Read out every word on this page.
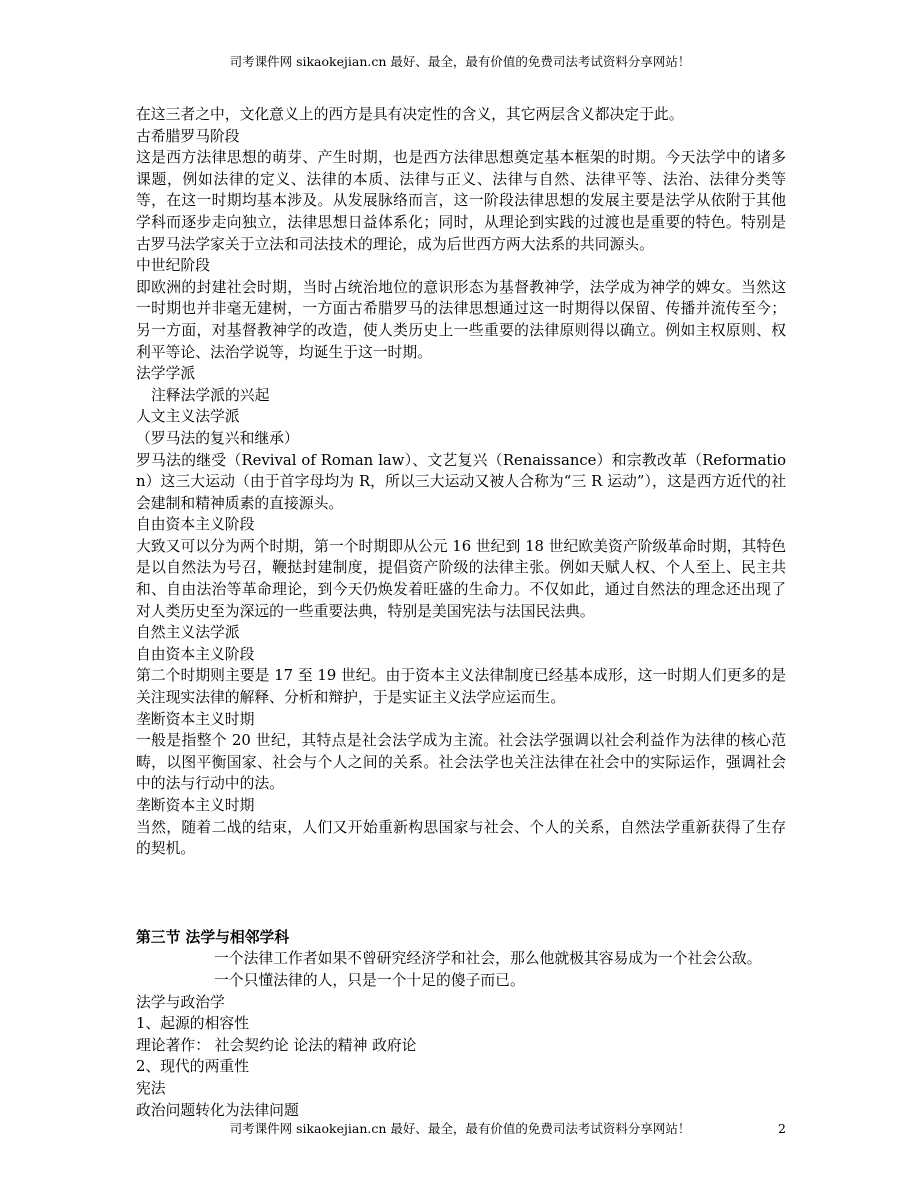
司考课件网 sikaokejian.cn 最好、最全，最有价值的免费司法考试资料分享网站！

在这三者之中，文化意义上的西方是具有决定性的含义，其它两层含义都决定于此。

古希腊罗马阶段

这是西方法律思想的萌芽、产生时期，也是西方法律思想奠定基本框架的时期。今天法学中的诸多课题，例如法律的定义、法律的本质、法律与正义、法律与自然、法律平等、法治、法律分类等等，在这一时期均基本涉及。从发展脉络而言，这一阶段法律思想的发展主要是法学从依附于其他学科而逐步走向独立，法律思想日益体系化；同时，从理论到实践的过渡也是重要的特色。特别是古罗马法学家关于立法和司法技术的理论，成为后世西方两大法系的共同源头。

中世纪阶段

即欧洲的封建社会时期，当时占统治地位的意识形态为基督教神学，法学成为神学的婢女。当然这一时期也并非毫无建树，一方面古希腊罗马的法律思想通过这一时期得以保留、传播并流传至今；另一方面，对基督教神学的改造，使人类历史上一些重要的法律原则得以确立。例如主权原则、权利平等论、法治学说等，均诞生于这一时期。

法学学派

注释法学派的兴起

人文主义法学派

（罗马法的复兴和继承）

罗马法的继受（Revival of Roman law）、文艺复兴（Renaissance）和宗教改革（Reformation）这三大运动（由于首字母均为 R，所以三大运动又被人合称为“三 R 运动”），这是西方近代的社会建制和精神质素的直接源头。

自由资本主义阶段

大致又可以分为两个时期，第一个时期即从公元 16 世纪到 18 世纪欧美资产阶级革命时期，其特色是以自然法为号召，鞭挞封建制度，提倡资产阶级的法律主张。例如天赋人权、个人至上、民主共和、自由法治等革命理论，到今天仍焕发着旺盛的生命力。不仅如此，通过自然法的理念还出现了对人类历史至为深远的一些重要法典，特别是美国宪法与法国民法典。

自然主义法学派

自由资本主义阶段

第二个时期则主要是 17 至 19 世纪。由于资本主义法律制度已经基本成形，这一时期人们更多的是关注现实法律的解释、分析和辩护，于是实证主义法学应运而生。

垄断资本主义时期

一般是指整个 20 世纪，其特点是社会法学成为主流。社会法学强调以社会利益作为法律的核心范畴，以图平衡国家、社会与个人之间的关系。社会法学也关注法律在社会中的实际运作，强调社会中的法与行动中的法。

垄断资本主义时期

当然，随着二战的结束，人们又开始重新构思国家与社会、个人的关系，自然法学重新获得了生存的契机。

第三节 法学与相邻学科

一个法律工作者如果不曾研究经济学和社会，那么他就极其容易成为一个社会公敌。

一个只懂法律的人，只是一个十足的傻子而已。

法学与政治学

1、起源的相容性

理论著作： 社会契约论 论法的精神 政府论

2、现代的两重性

宪法

政治问题转化为法律问题

司考课件网 sikaokejian.cn 最好、最全，最有价值的免费司法考试资料分享网站！	2
